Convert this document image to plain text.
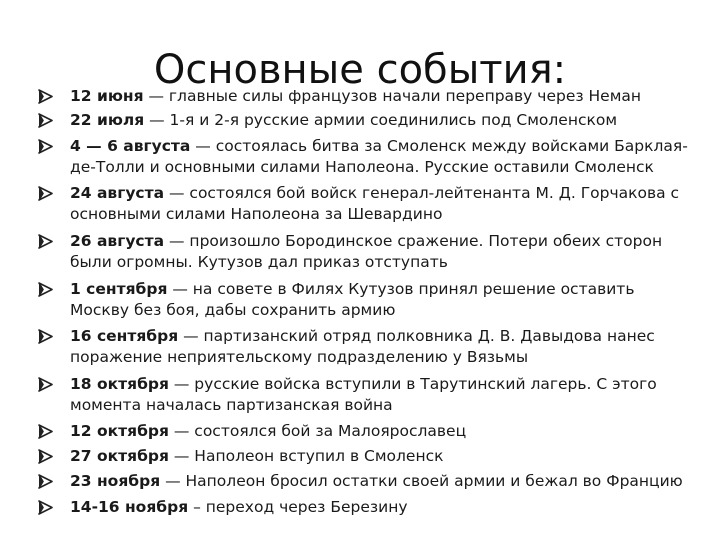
Основные события:
12 июня — главные силы французов начали переправу через Неман
22 июля — 1-я и 2-я русские армии соединились под Смоленском
4 — 6 августа — состоялась битва за Смоленск между войсками Барклая-де-Толли и основными силами Наполеона. Русские оставили Смоленск
24 августа — состоялся бой войск генерал-лейтенанта М. Д. Горчакова с основными силами Наполеона за Шевардино
26 августа — произошло Бородинское сражение. Потери обеих сторон были огромны. Кутузов дал приказ отступать
1 сентября — на совете в Филях Кутузов принял решение оставить Москву без боя, дабы сохранить армию
16 сентября — партизанский отряд полковника Д. В. Давыдова нанес поражение неприятельскому подразделению у Вязьмы
18 октября — русские войска вступили в Тарутинский лагерь. С этого момента началась партизанская война
12 октября — состоялся бой за Малоярославец
27 октября — Наполеон вступил в Смоленск
23 ноября — Наполеон бросил остатки своей армии и бежал во Францию
14-16 ноября – переход через Березину
